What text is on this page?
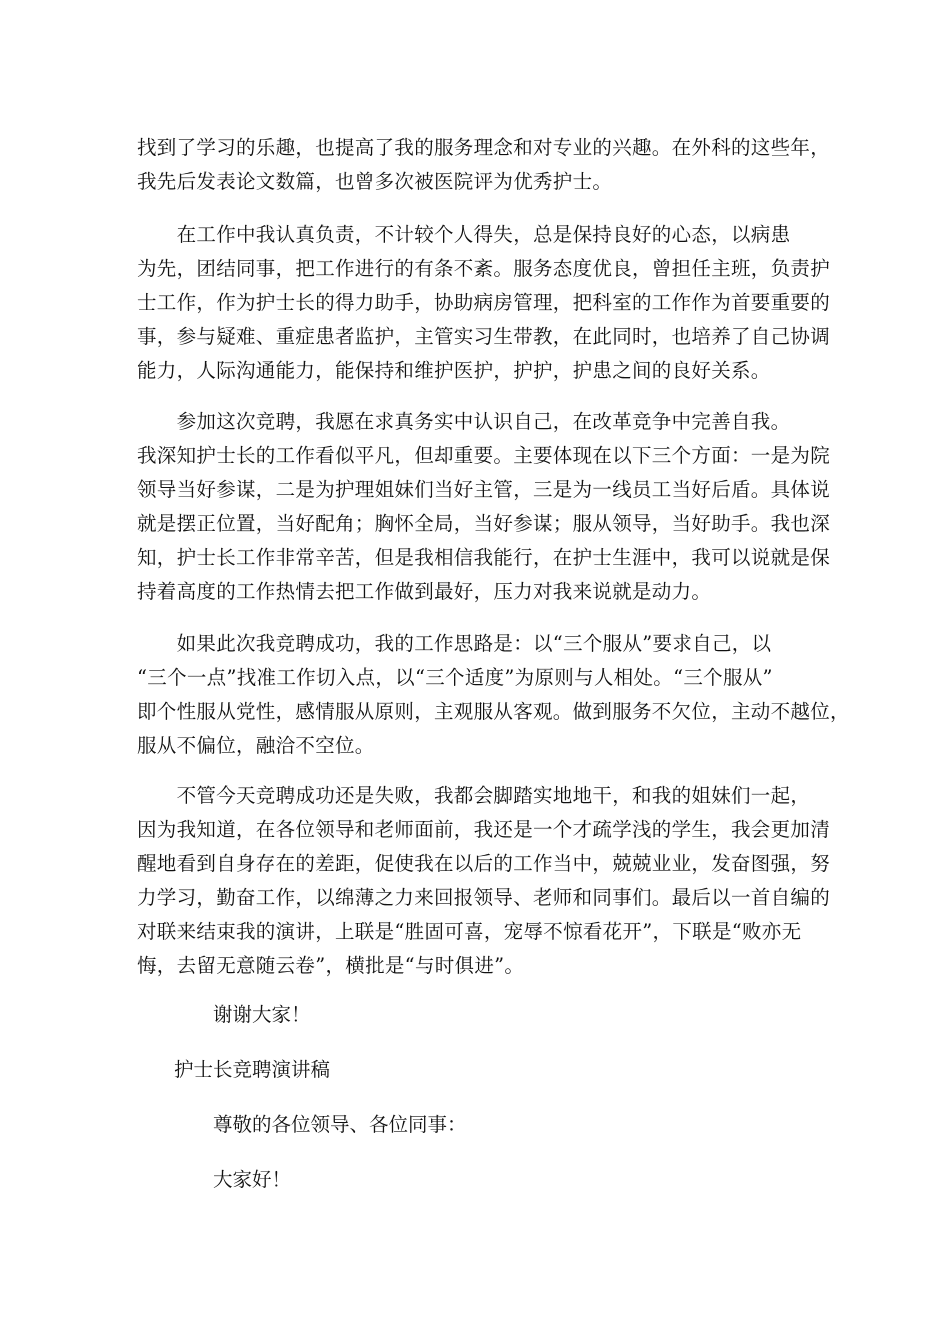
找到了学习的乐趣，也提高了我的服务理念和对专业的兴趣。在外科的这些年，

我先后发表论文数篇，也曾多次被医院评为优秀护士。

　　在工作中我认真负责，不计较个人得失，总是保持良好的心态，以病患

为先，团结同事，把工作进行的有条不紊。服务态度优良，曾担任主班，负责护

士工作，作为护士长的得力助手，协助病房管理，把科室的工作作为首要重要的

事，参与疑难、重症患者监护，主管实习生带教，在此同时，也培养了自己协调

能力，人际沟通能力，能保持和维护医护，护护，护患之间的良好关系。

　　参加这次竞聘，我愿在求真务实中认识自己，在改革竞争中完善自我。

我深知护士长的工作看似平凡，但却重要。主要体现在以下三个方面：一是为院

领导当好参谋，二是为护理姐妹们当好主管，三是为一线员工当好后盾。具体说

就是摆正位置，当好配角；胸怀全局，当好参谋；服从领导，当好助手。我也深

知，护士长工作非常辛苦，但是我相信我能行，在护士生涯中，我可以说就是保

持着高度的工作热情去把工作做到最好，压力对我来说就是动力。

　　如果此次我竞聘成功，我的工作思路是：以“三个服从”要求自己，以

“三个一点”找准工作切入点，以“三个适度”为原则与人相处。“三个服从”

即个性服从党性，感情服从原则，主观服从客观。做到服务不欠位，主动不越位，

服从不偏位，融洽不空位。

　　不管今天竞聘成功还是失败，我都会脚踏实地地干，和我的姐妹们一起，

因为我知道，在各位领导和老师面前，我还是一个才疏学浅的学生，我会更加清

醒地看到自身存在的差距，促使我在以后的工作当中，兢兢业业，发奋图强，努

力学习，勤奋工作，以绵薄之力来回报领导、老师和同事们。最后以一首自编的

对联来结束我的演讲，上联是“胜固可喜，宠辱不惊看花开”，下联是“败亦无

悔，去留无意随云卷”，横批是“与时俱进”。

谢谢大家！
护士长竞聘演讲稿
尊敬的各位领导、各位同事：
大家好！
